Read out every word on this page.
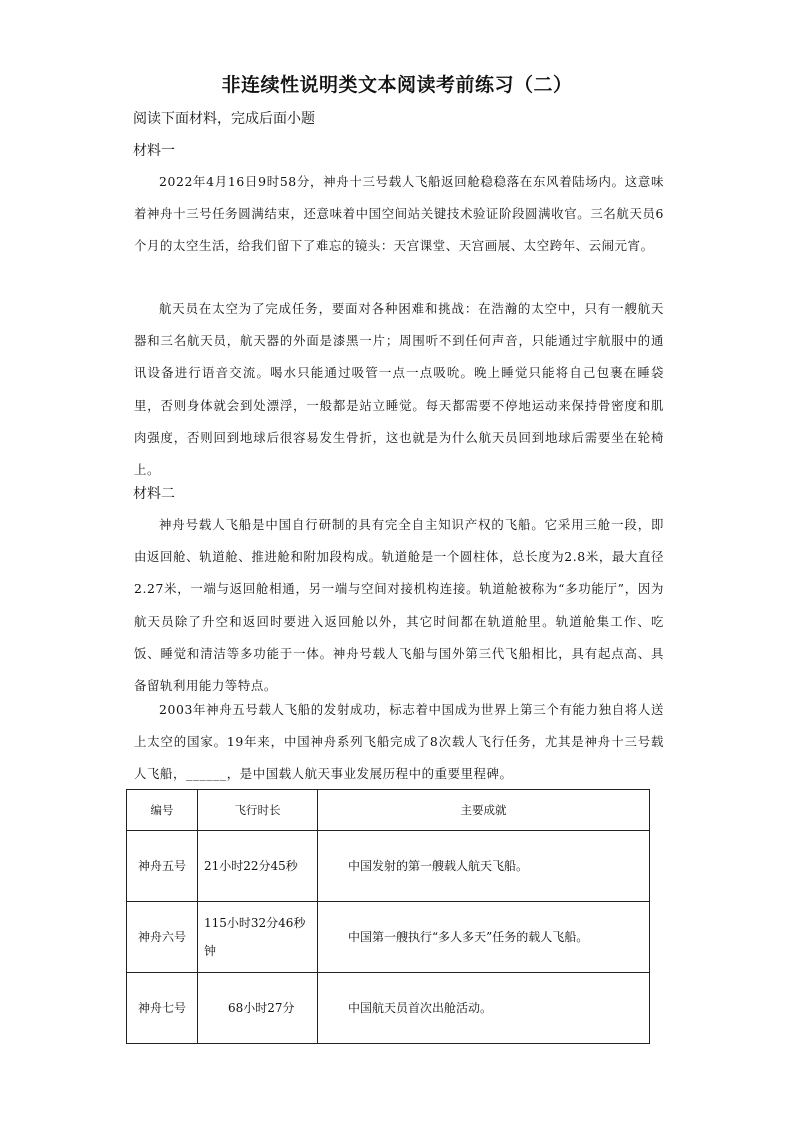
非连续性说明类文本阅读考前练习（二）
阅读下面材料，完成后面小题
材料一
2022年4月16日9时58分，神舟十三号载人飞船返回舱稳稳落在东风着陆场内。这意味着神舟十三号任务圆满结束，还意味着中国空间站关键技术验证阶段圆满收官。三名航天员6个月的太空生活，给我们留下了难忘的镜头：天宫课堂、天宫画展、太空跨年、云闹元宵。
航天员在太空为了完成任务，要面对各种困难和挑战：在浩瀚的太空中，只有一艘航天器和三名航天员，航天器的外面是漆黑一片；周围听不到任何声音，只能通过宇航服中的通讯设备进行语音交流。喝水只能通过吸管一点一点吸吮。晚上睡觉只能将自己包裹在睡袋里，否则身体就会到处漂浮，一般都是站立睡觉。每天都需要不停地运动来保持骨密度和肌肉强度，否则回到地球后很容易发生骨折，这也就是为什么航天员回到地球后需要坐在轮椅上。
材料二
神舟号载人飞船是中国自行研制的具有完全自主知识产权的飞船。它采用三舱一段，即由返回舱、轨道舱、推进舱和附加段构成。轨道舱是一个圆柱体，总长度为2.8米，最大直径2.27米，一端与返回舱相通，另一端与空间对接机构连接。轨道舱被称为“多功能厅”，因为航天员除了升空和返回时要进入返回舱以外，其它时间都在轨道舱里。轨道舱集工作、吃饭、睡觉和清洁等多功能于一体。神舟号载人飞船与国外第三代飞船相比，具有起点高、具备留轨利用能力等特点。
2003年神舟五号载人飞船的发射成功，标志着中国成为世界上第三个有能力独自将人送上太空的国家。19年来，中国神舟系列飞船完成了8次载人飞行任务，尤其是神舟十三号载人飞船，______，是中国载人航天事业发展历程中的重要里程碑。
编号	飞行时长	主要成就
神舟五号	21小时22分45秒	中国发射的第一艘载人航天飞船。
神舟六号	115小时32分46秒钟	中国第一艘执行“多人多天”任务的载人飞船。
神舟七号	68小时27分	中国航天员首次出舱活动。
